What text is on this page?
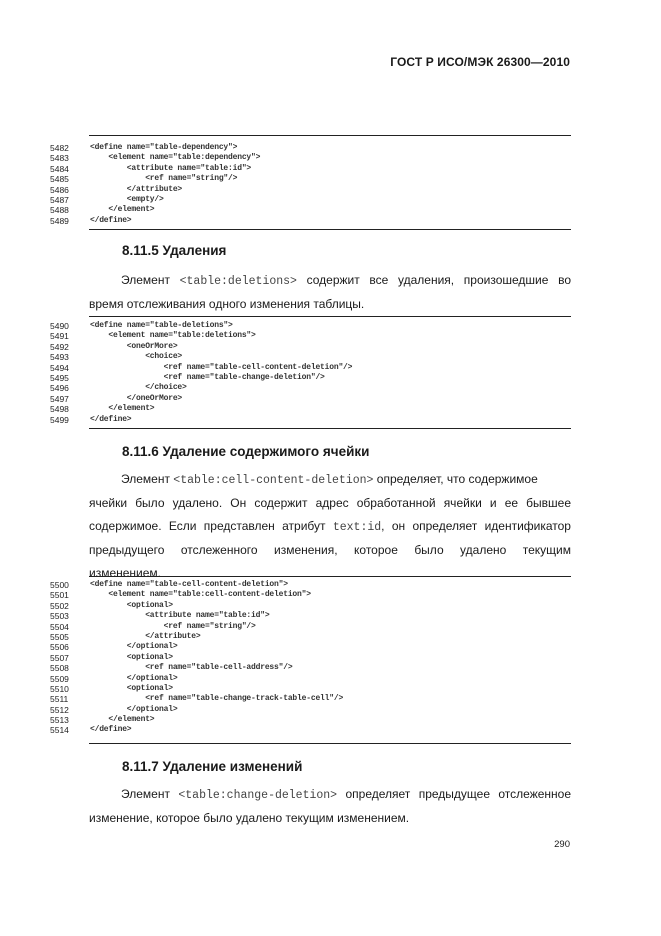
ГОСТ Р ИСО/МЭК 26300—2010
5482	<define name="table-dependency">
5483	<element name="table:dependency">
5484	<attribute name="table:id">
5485	<ref name="string"/>
5486	</attribute>
5487	<empty/>
5488	</element>
5489	</define>
8.11.5 Удаления
Элемент <table:deletions> содержит все удаления, произошедшие во
время отслеживания одного изменения таблицы.
5490	<define name="table-deletions">
5491	<element name="table:deletions">
5492	<oneOrMore>
5493	<choice>
5494	<ref name="table-cell-content-deletion"/>
5495	<ref name="table-change-deletion"/>
5496	</choice>
5497	</oneOrMore>
5498	</element>
5499	</define>
8.11.6 Удаление содержимого ячейки
Элемент <table:cell-content-deletion> определяет, что содержимое
ячейки было удалено. Он содержит адрес обработанной ячейки и ее бывшее
содержимое. Если представлен атрибут text:id, он определяет идентификатор
предыдущего отслеженного изменения, которое было удалено текущим
изменением.
5500	<define name="table-cell-content-deletion">
5501	<element name="table:cell-content-deletion">
5502	<optional>
5503	<attribute name="table:id">
5504	<ref name="string"/>
5505	</attribute>
5506	</optional>
5507	<optional>
5508	<ref name="table-cell-address"/>
5509	</optional>
5510	<optional>
5511	<ref name="table-change-track-table-cell"/>
5512	</optional>
5513	</element>
5514	</define>
8.11.7 Удаление изменений
Элемент <table:change-deletion> определяет предыдущее отслеженное
изменение, которое было удалено текущим изменением.
290
